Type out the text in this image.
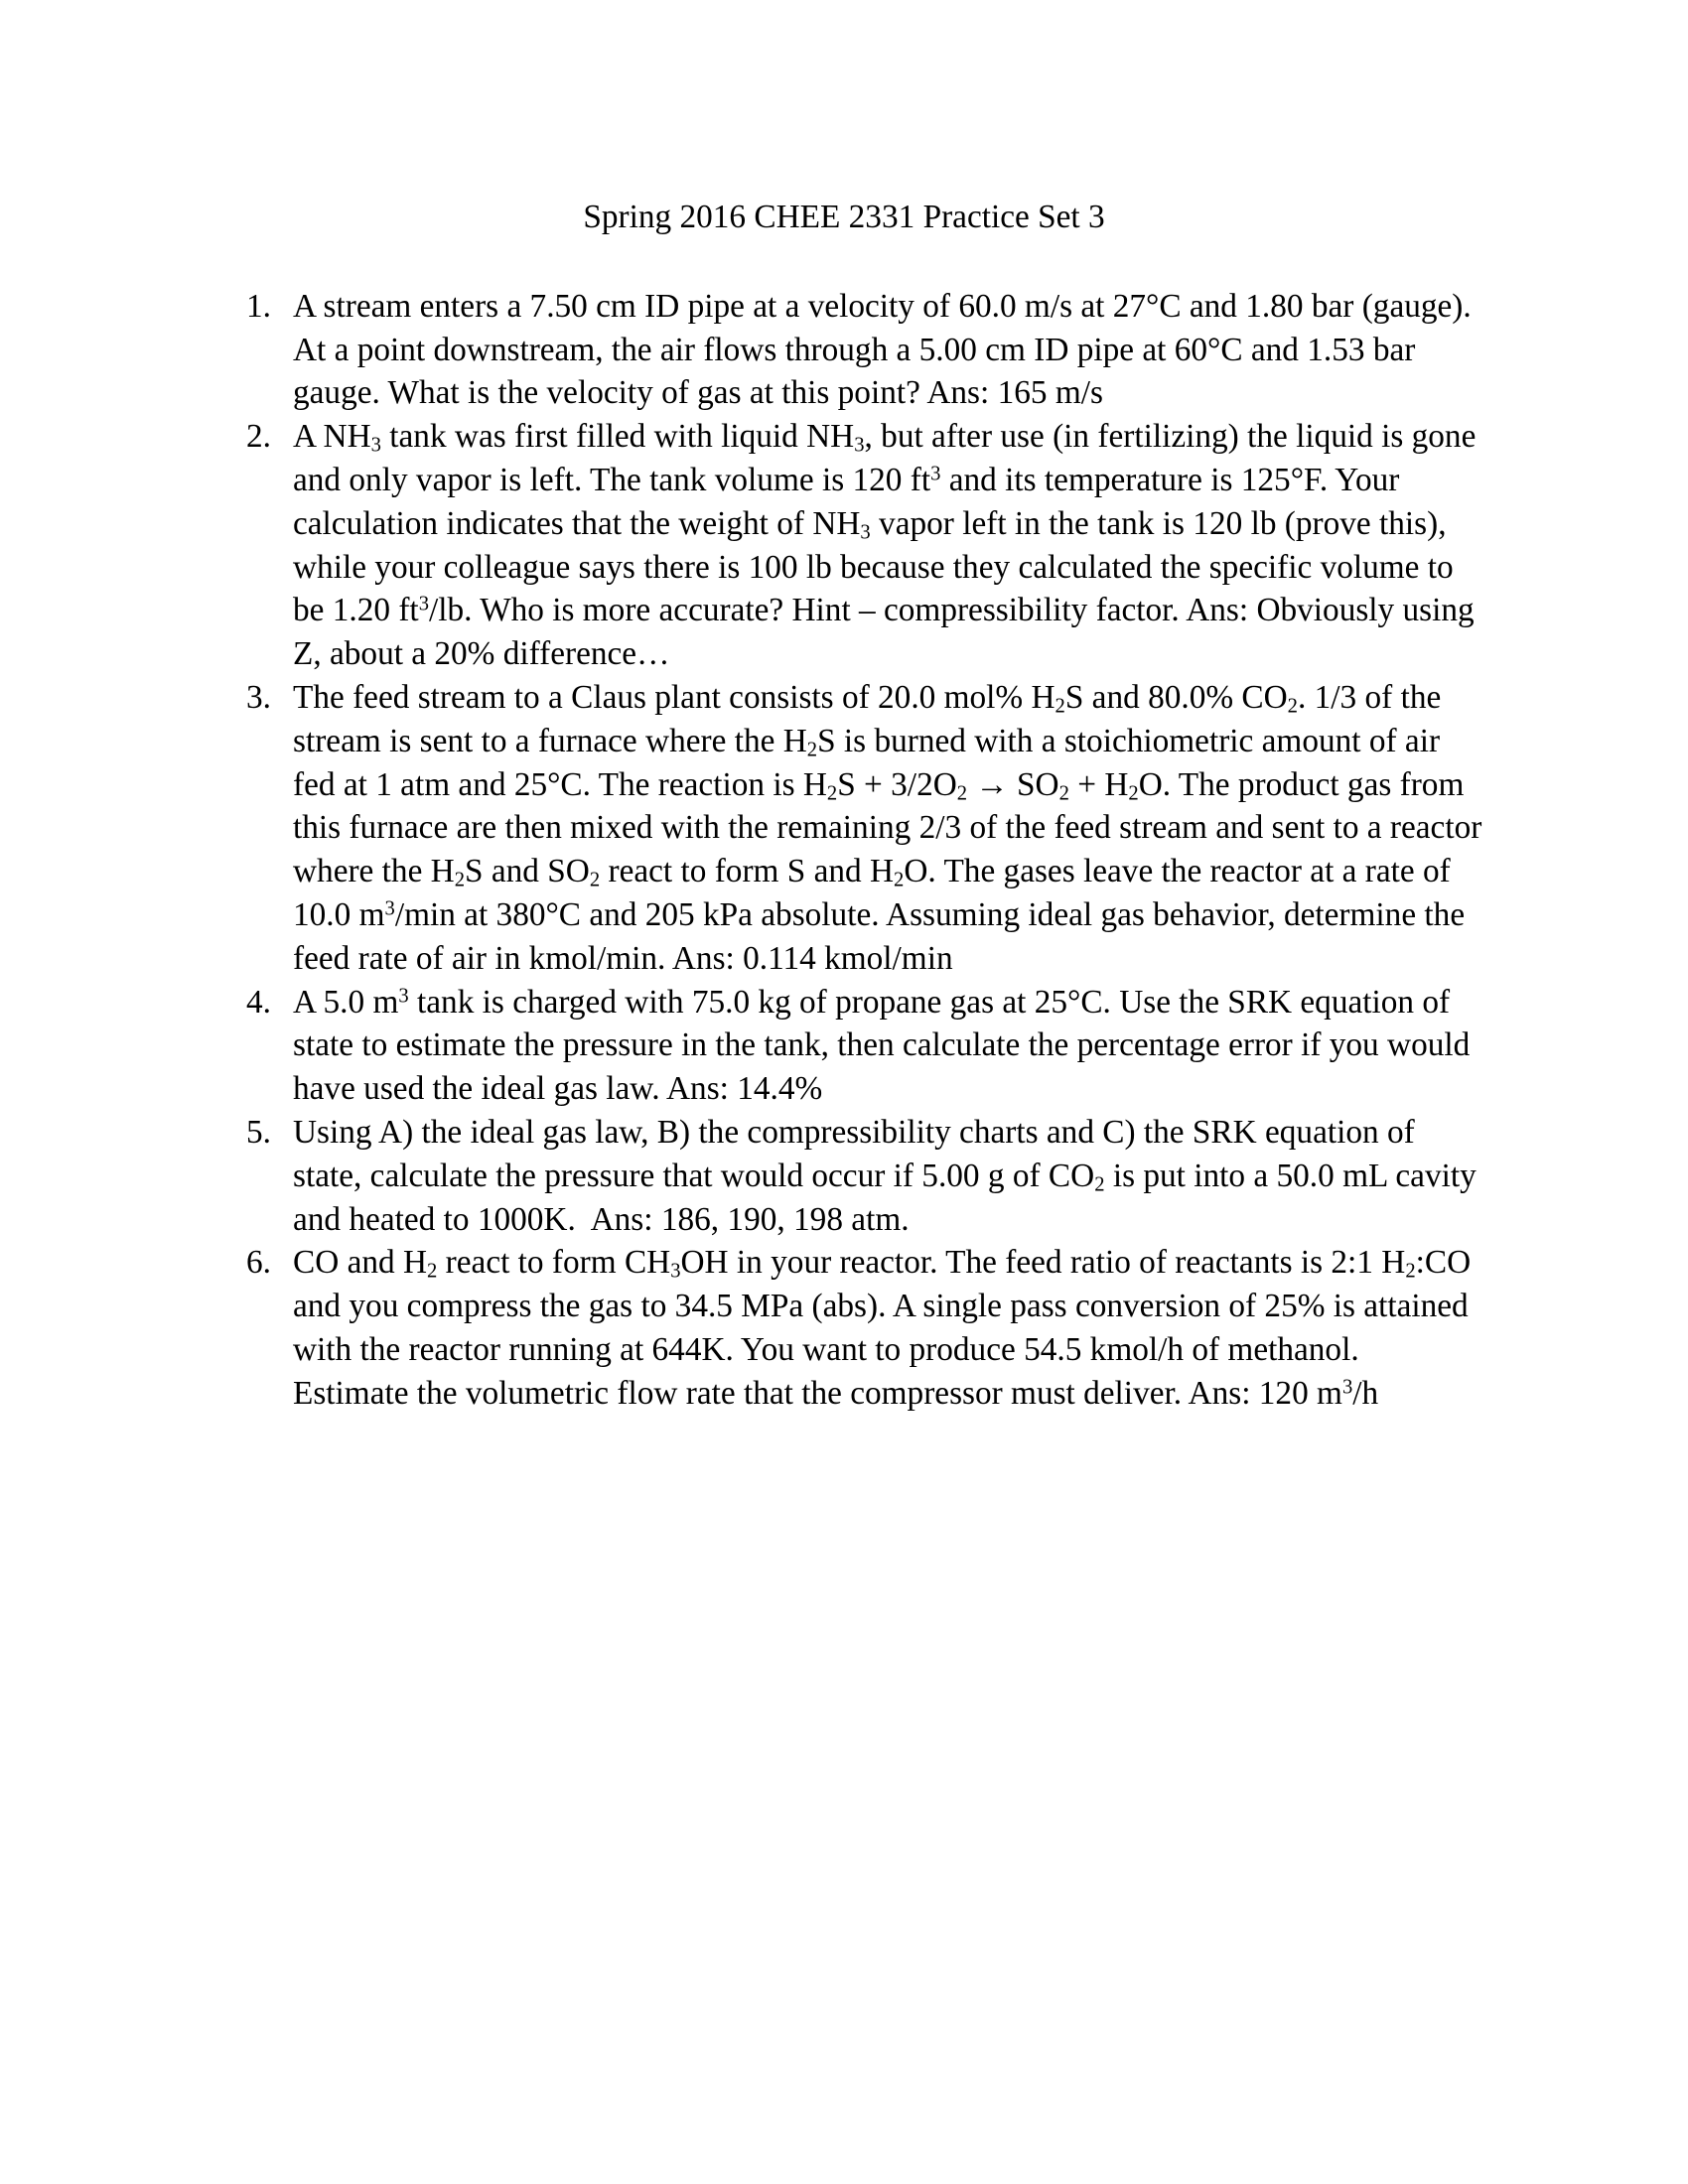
Spring 2016 CHEE 2331 Practice Set 3
1. A stream enters a 7.50 cm ID pipe at a velocity of 60.0 m/s at 27°C and 1.80 bar (gauge).
At a point downstream, the air flows through a 5.00 cm ID pipe at 60°C and 1.53 bar
gauge. What is the velocity of gas at this point? Ans: 165 m/s
2. A $NH_3$ tank was first filled with liquid $NH_3$, but after use (in fertilizing) the liquid is gone
and only vapor is left. The tank volume is 120 $ft^3$ and its temperature is 125°F. Your
calculation indicates that the weight of $NH_3$ vapor left in the tank is 120 lb (prove this),
while your colleague says there is 100 lb because they calculated the specific volume to
be 1.20 $ft^3/lb$. Who is more accurate? Hint – compressibility factor. Ans: Obviously using
Z, about a 20% difference…
3. The feed stream to a Claus plant consists of 20.0 mol% $H_2S$ and 80.0% $CO_2$. 1/3 of the
stream is sent to a furnace where the $H_2S$ is burned with a stoichiometric amount of air
fed at 1 atm and 25°C. The reaction is $H_2S + 3/2O_2 \to SO_2 + H_2O$. The product gas from
this furnace are then mixed with the remaining 2/3 of the feed stream and sent to a reactor
where the $H_2S$ and $SO_2$ react to form S and $H_2O$. The gases leave the reactor at a rate of
10.0 $m^3/\min$ at 380°C and 205 kPa absolute. Assuming ideal gas behavior, determine the
feed rate of air in kmol/min. Ans: 0.114 kmol/min
4. A 5.0 $m^3$ tank is charged with 75.0 kg of propane gas at 25°C. Use the SRK equation of
state to estimate the pressure in the tank, then calculate the percentage error if you would
have used the ideal gas law. Ans: 14.4%
5. Using A) the ideal gas law, B) the compressibility charts and C) the SRK equation of
state, calculate the pressure that would occur if 5.00 g of $CO_2$ is put into a 50.0 mL cavity
and heated to 1000K.  Ans: 186, 190, 198 atm.
6. CO and $H_2$ react to form $CH_3OH$ in your reactor. The feed ratio of reactants is 2:1 $H_2:CO$
and you compress the gas to 34.5 MPa (abs). A single pass conversion of 25% is attained
with the reactor running at 644K. You want to produce 54.5 kmol/h of methanol.
Estimate the volumetric flow rate that the compressor must deliver. Ans: 120 $m^3/h$
